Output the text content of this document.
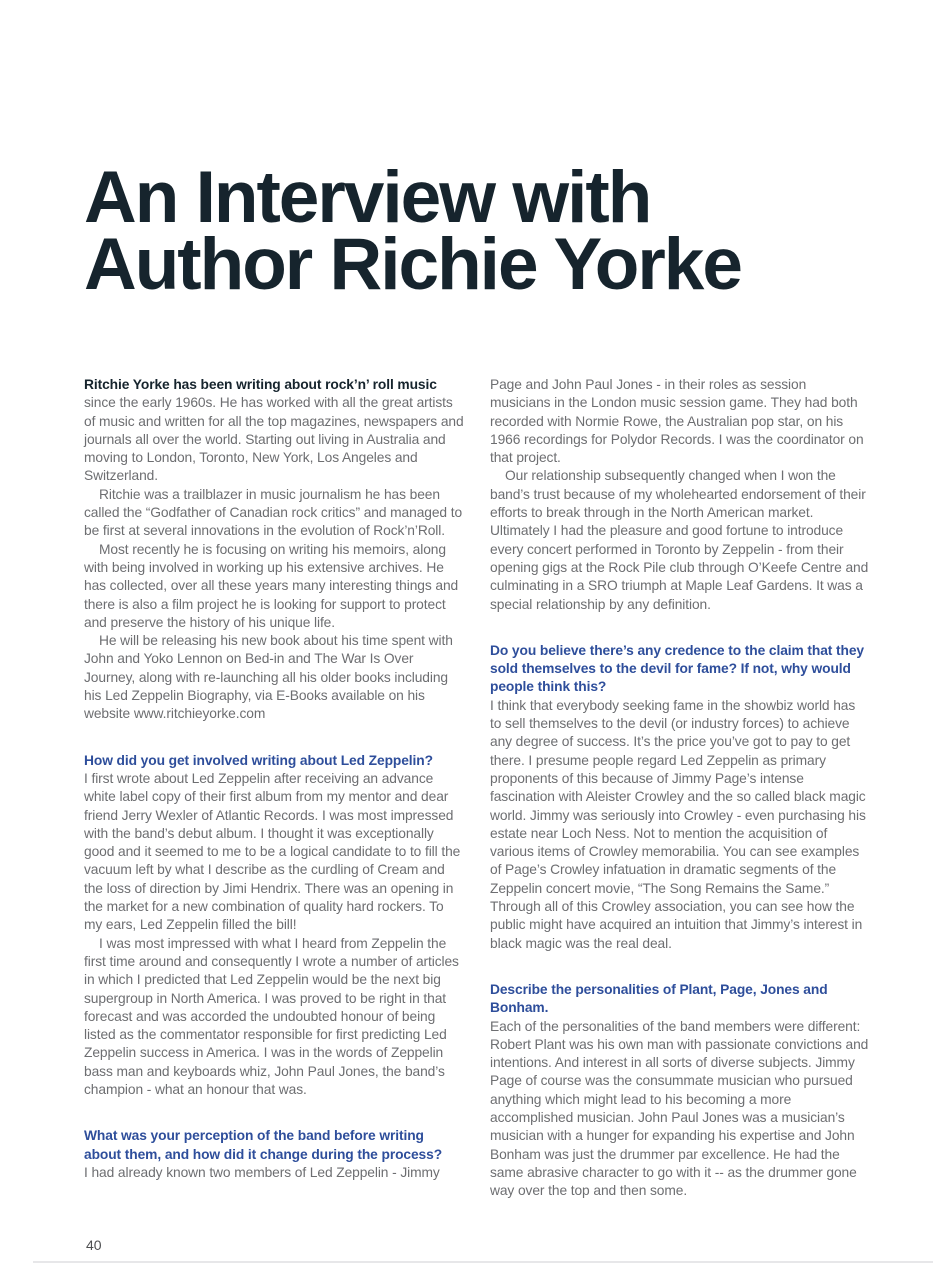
An Interview with
Author Richie Yorke

Ritchie Yorke has been writing about rock’n’ roll music since the early 1960s. He has worked with all the great artists of music and written for all the top magazines, newspapers and journals all over the world. Starting out living in Australia and moving to London, Toronto, New York, Los Angeles and Switzerland.

Ritchie was a trailblazer in music journalism he has been called the “Godfather of Canadian rock critics” and managed to be first at several innovations in the evolution of Rock’n’Roll.

Most recently he is focusing on writing his memoirs, along with being involved in working up his extensive archives. He has collected, over all these years many interesting things and there is also a film project he is looking for support to protect and preserve the history of his unique life.

He will be releasing his new book about his time spent with John and Yoko Lennon on Bed-in and The War Is Over Journey, along with re-launching all his older books including his Led Zeppelin Biography, via E-Books available on his website www.ritchieyorke.com

How did you get involved writing about Led Zeppelin?

I first wrote about Led Zeppelin after receiving an advance white label copy of their first album from my mentor and dear friend Jerry Wexler of Atlantic Records. I was most impressed with the band’s debut album. I thought it was exceptionally good and it seemed to me to be a logical candidate to to fill the vacuum left by what I describe as the curdling of Cream and the loss of direction by Jimi Hendrix. There was an opening in the market for a new combination of quality hard rockers. To my ears, Led Zeppelin filled the bill!

I was most impressed with what I heard from Zeppelin the first time around and consequently I wrote a number of articles in which I predicted that Led Zeppelin would be the next big supergroup in North America. I was proved to be right in that forecast and was accorded the undoubted honour of being listed as the commentator responsible for first predicting Led Zeppelin success in America. I was in the words of Zeppelin bass man and keyboards whiz, John Paul Jones, the band’s champion - what an honour that was.

What was your perception of the band before writing about them, and how did it change during the process?

I had already known two members of Led Zeppelin - Jimmy

Page and John Paul Jones - in their roles as session musicians in the London music session game. They had both recorded with Normie Rowe, the Australian pop star, on his 1966 recordings for Polydor Records. I was the coordinator on that project.

Our relationship subsequently changed when I won the band’s trust because of my wholehearted endorsement of their efforts to break through in the North American market. Ultimately I had the pleasure and good fortune to introduce every concert performed in Toronto by Zeppelin - from their opening gigs at the Rock Pile club through O’Keefe Centre and culminating in a SRO triumph at Maple Leaf Gardens. It was a special relationship by any definition.

Do you believe there’s any credence to the claim that they sold themselves to the devil for fame? If not, why would people think this?

I think that everybody seeking fame in the showbiz world has to sell themselves to the devil (or industry forces) to achieve any degree of success. It’s the price you’ve got to pay to get there. I presume people regard Led Zeppelin as primary proponents of this because of Jimmy Page’s intense fascination with Aleister Crowley and the so called black magic world. Jimmy was seriously into Crowley - even purchasing his estate near Loch Ness. Not to mention the acquisition of various items of Crowley memorabilia. You can see examples of Page’s Crowley infatuation in dramatic segments of the Zeppelin concert movie, “The Song Remains the Same.” Through all of this Crowley association, you can see how the public might have acquired an intuition that Jimmy’s interest in black magic was the real deal.

Describe the personalities of Plant, Page, Jones and Bonham.

Each of the personalities of the band members were different: Robert Plant was his own man with passionate convictions and intentions. And interest in all sorts of diverse subjects. Jimmy Page of course was the consummate musician who pursued anything which might lead to his becoming a more accomplished musician. John Paul Jones was a musician’s musician with a hunger for expanding his expertise and John Bonham was just the drummer par excellence. He had the same abrasive character to go with it -- as the drummer gone way over the top and then some.

40
